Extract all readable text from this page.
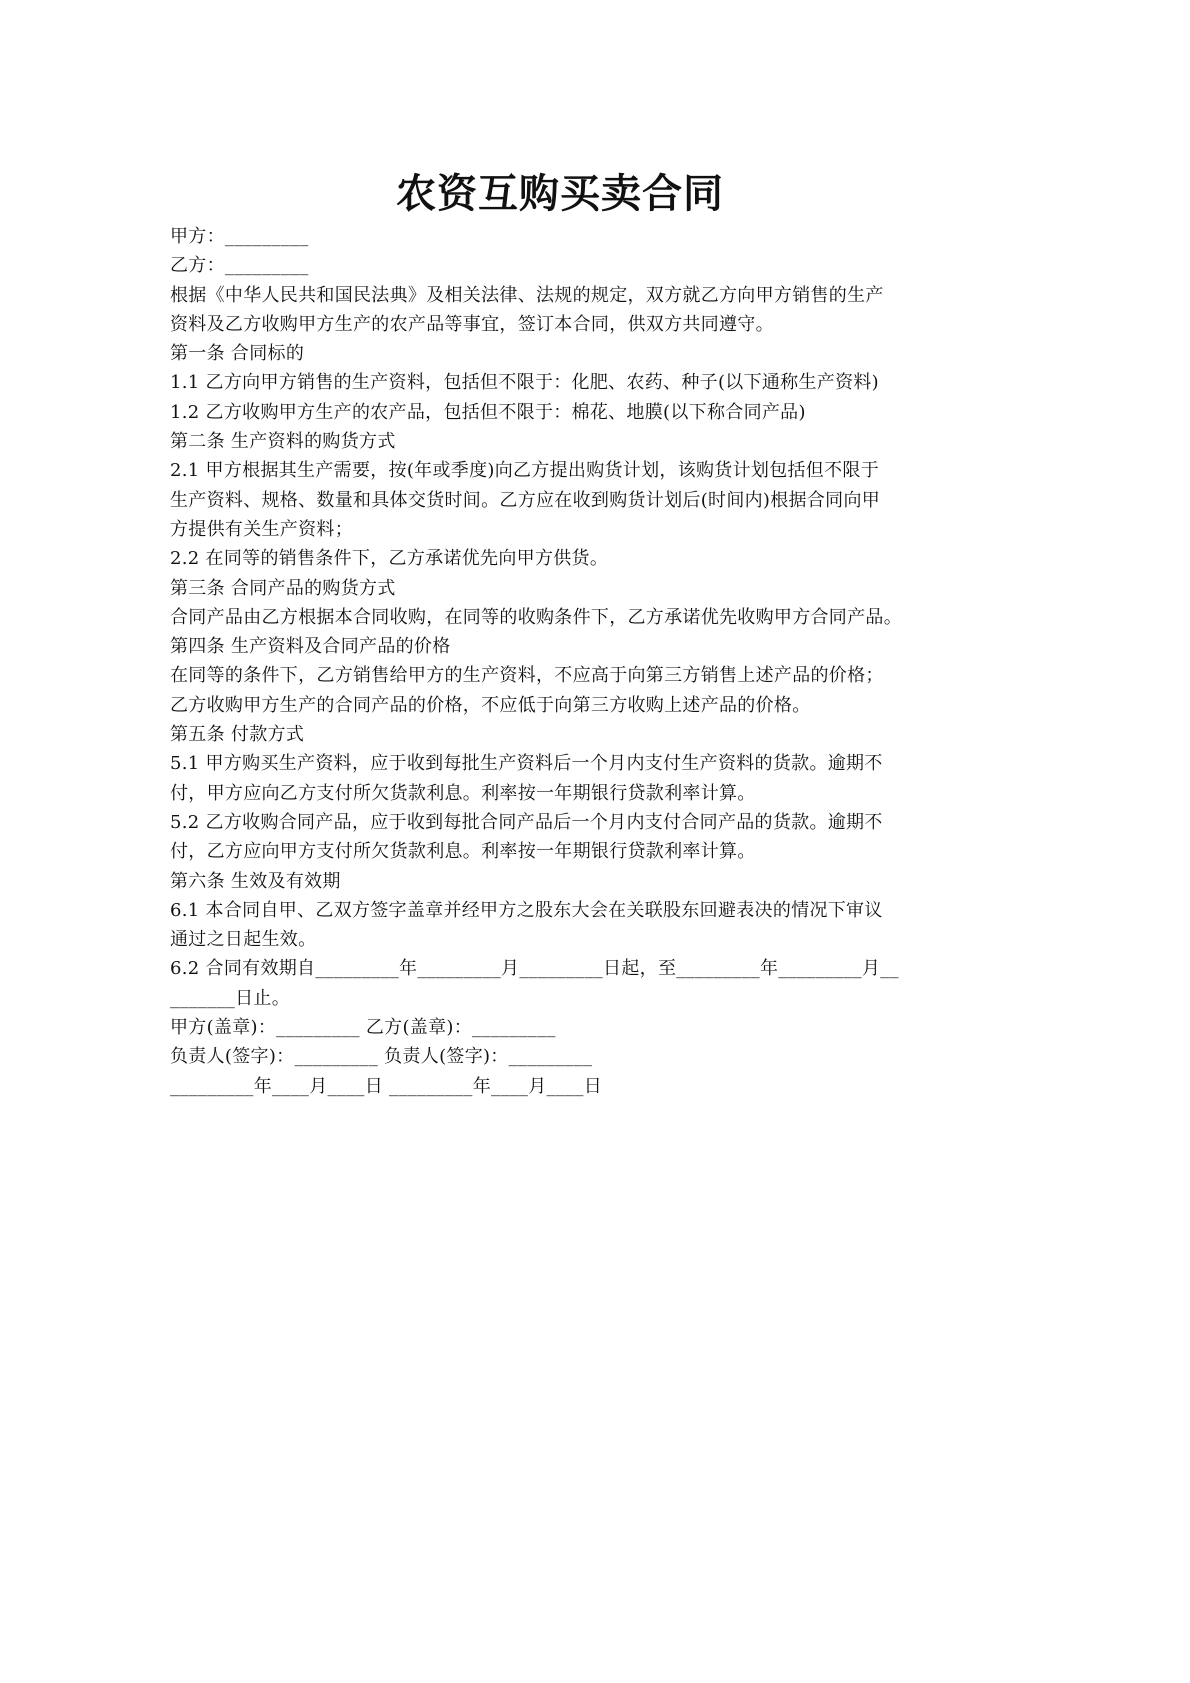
农资互购买卖合同
甲方：_________
乙方：_________
根据《中华人民共和国民法典》及相关法律、法规的规定，双方就乙方向甲方销售的生产
资料及乙方收购甲方生产的农产品等事宜，签订本合同，供双方共同遵守。
第一条 合同标的
1.1 乙方向甲方销售的生产资料，包括但不限于：化肥、农药、种子(以下通称生产资料)
1.2 乙方收购甲方生产的农产品，包括但不限于：棉花、地膜(以下称合同产品)
第二条 生产资料的购货方式
2.1 甲方根据其生产需要，按(年或季度)向乙方提出购货计划，该购货计划包括但不限于
生产资料、规格、数量和具体交货时间。乙方应在收到购货计划后(时间内)根据合同向甲
方提供有关生产资料；
2.2 在同等的销售条件下，乙方承诺优先向甲方供货。
第三条 合同产品的购货方式
合同产品由乙方根据本合同收购，在同等的收购条件下，乙方承诺优先收购甲方合同产品。
第四条 生产资料及合同产品的价格
在同等的条件下，乙方销售给甲方的生产资料，不应高于向第三方销售上述产品的价格；
乙方收购甲方生产的合同产品的价格，不应低于向第三方收购上述产品的价格。
第五条 付款方式
5.1 甲方购买生产资料，应于收到每批生产资料后一个月内支付生产资料的货款。逾期不
付，甲方应向乙方支付所欠货款利息。利率按一年期银行贷款利率计算。
5.2 乙方收购合同产品，应于收到每批合同产品后一个月内支付合同产品的货款。逾期不
付，乙方应向甲方支付所欠货款利息。利率按一年期银行贷款利率计算。
第六条 生效及有效期
6.1 本合同自甲、乙双方签字盖章并经甲方之股东大会在关联股东回避表决的情况下审议
通过之日起生效。
6.2 合同有效期自_________年_________月_________日起，至_________年_________月__
_______日止。
甲方(盖章)：_________ 乙方(盖章)：_________
负责人(签字)：_________ 负责人(签字)：_________
_________年____月____日 _________年____月____日
